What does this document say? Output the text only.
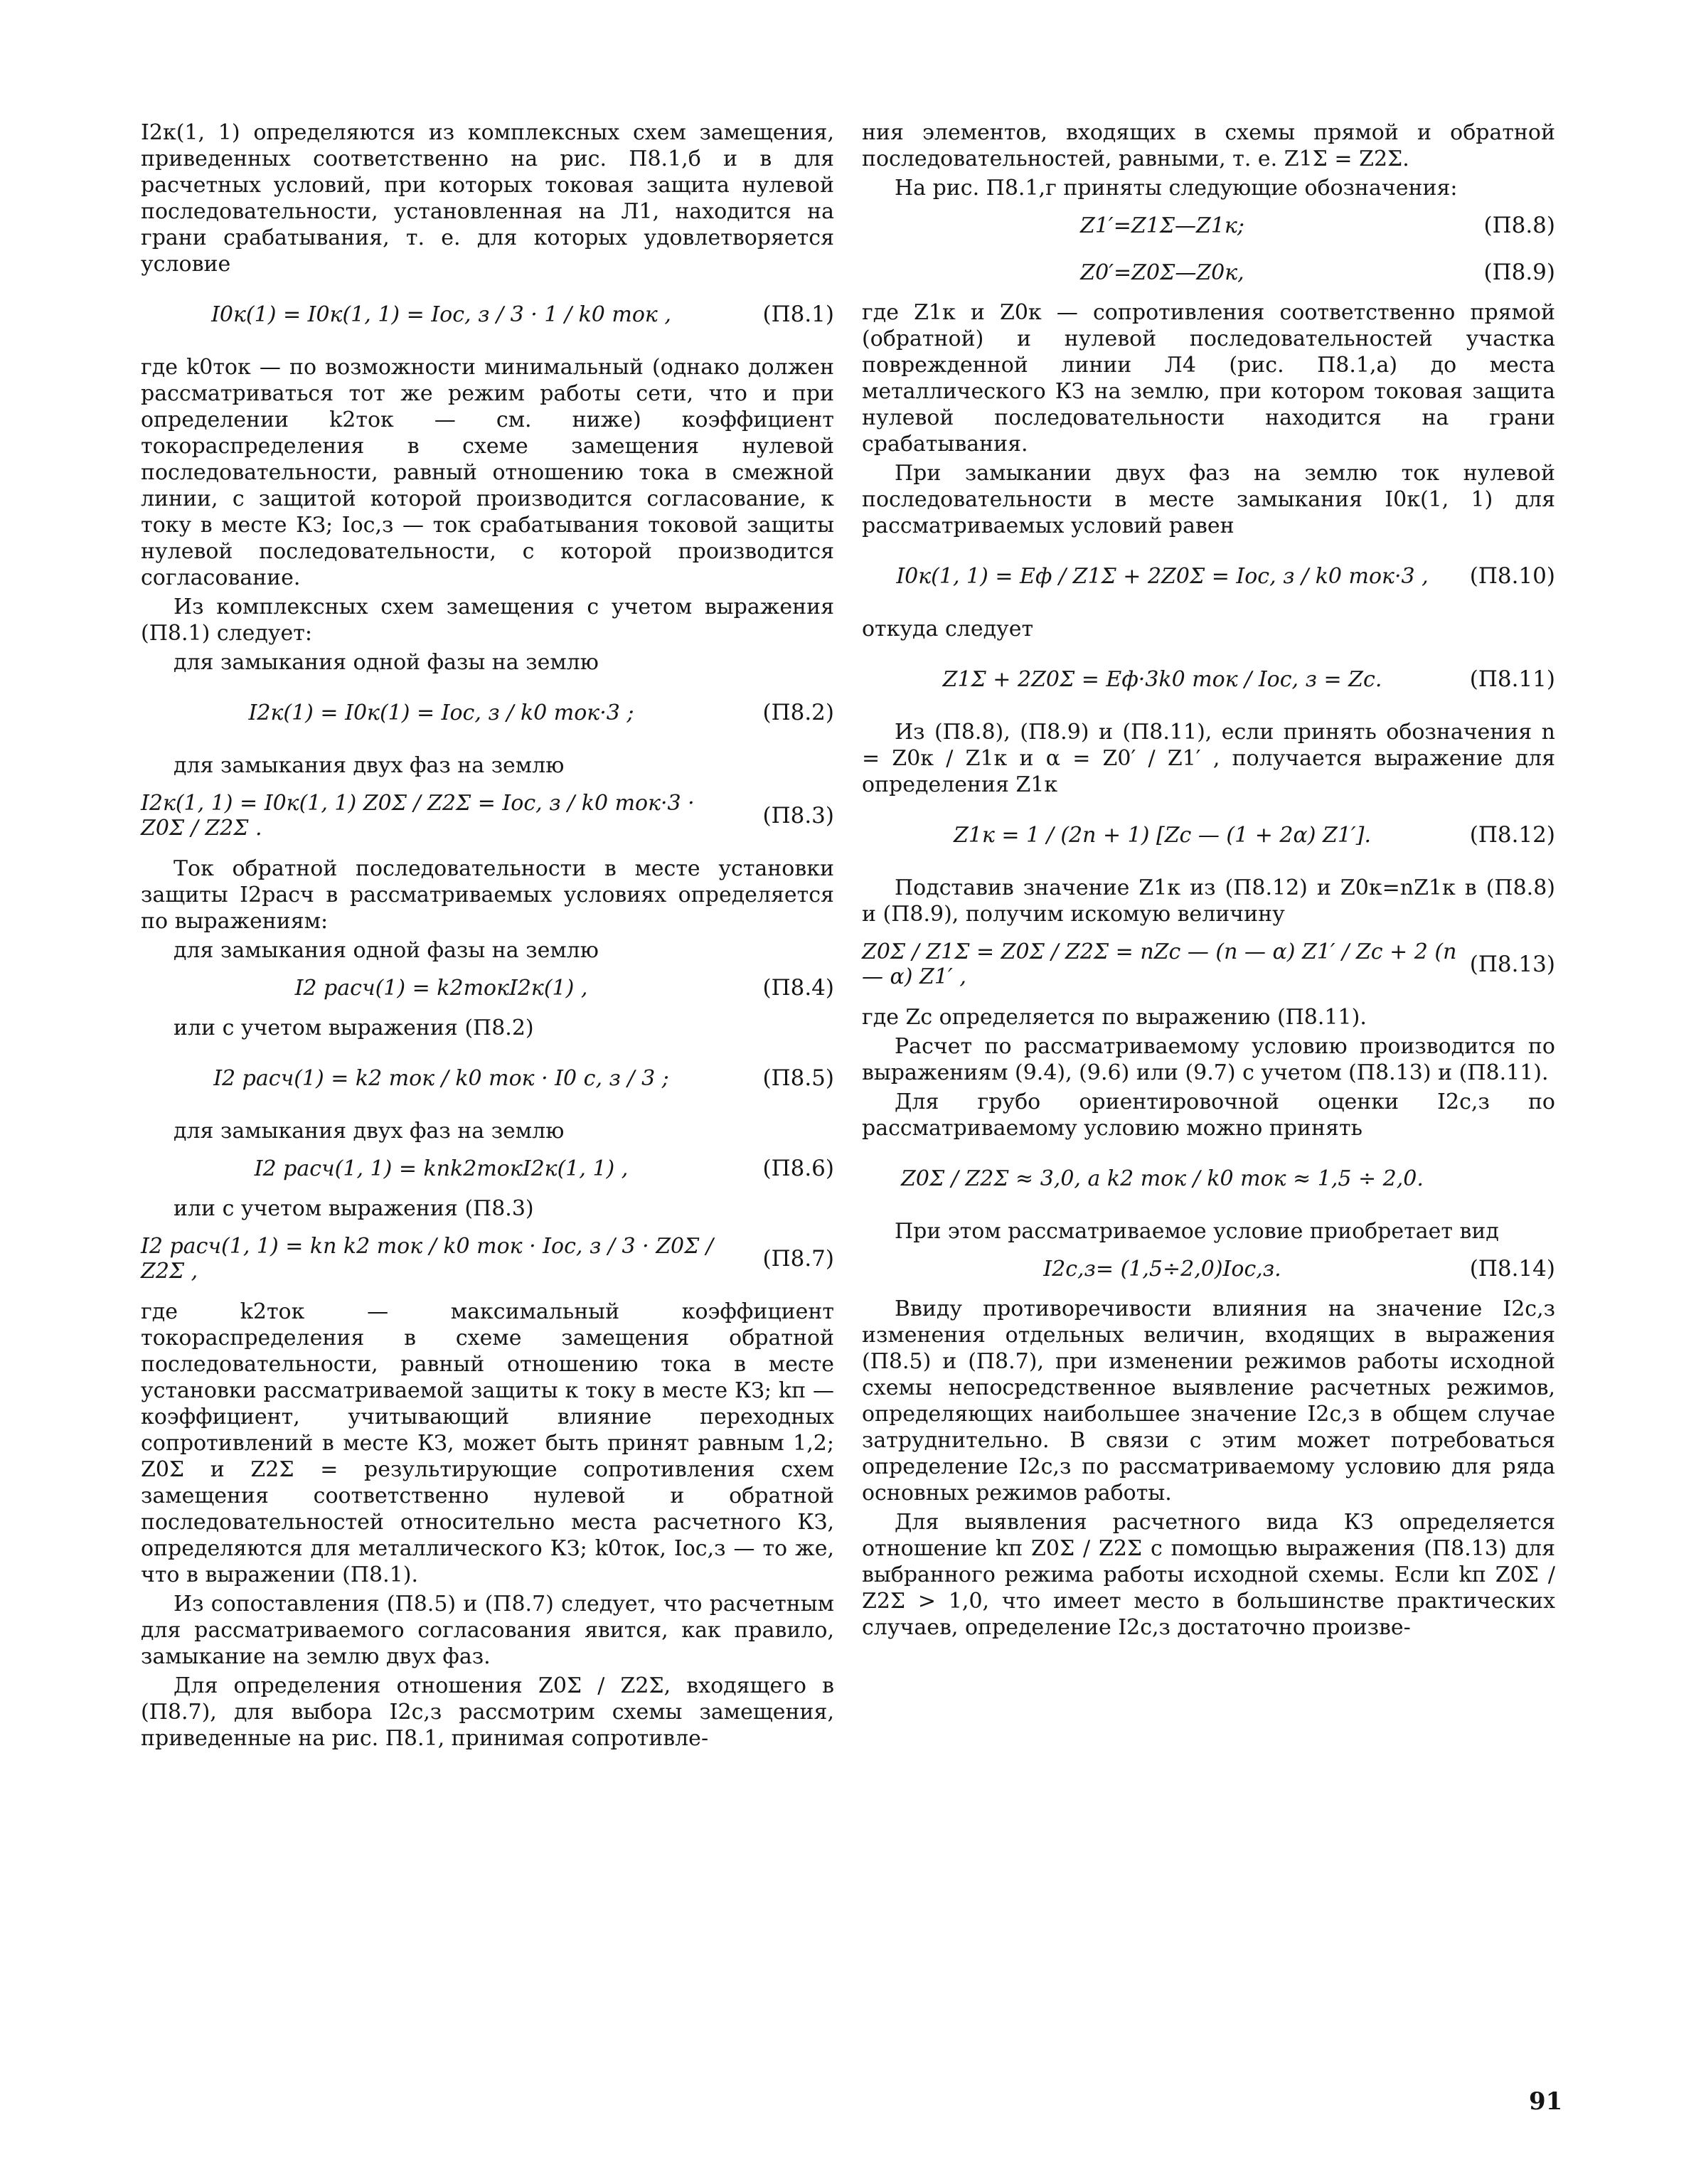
I2к(1, 1) определяются из комплексных схем замещения, приведенных соответственно на рис. П8.1,б и в для расчетных условий, при которых токовая защита нулевой последовательности, установленная на Л1, находится на грани срабатывания, т. е. для которых удовлетворяется условие

I0к(1) = I0к(1, 1) = Iос, з / 3 · 1 / k0 ток ,	(П8.1)

где k0ток — по возможности минимальный (однако должен рассматриваться тот же режим работы сети, что и при определении k2ток — см. ниже) коэффициент токораспределения в схеме замещения нулевой последовательности, равный отношению тока в смежной линии, с защитой которой производится согласование, к току в месте КЗ; Iос,з — ток срабатывания токовой защиты нулевой последовательности, с которой производится согласование.

Из комплексных схем замещения с учетом выражения (П8.1) следует:

для замыкания одной фазы на землю

I2к(1) = I0к(1) = Iос, з / k0 ток·3 ;	(П8.2)

для замыкания двух фаз на землю

I2к(1, 1) = I0к(1, 1) Z0Σ / Z2Σ = Iос, з / k0 ток·3 · Z0Σ / Z2Σ .	(П8.3)

Ток обратной последовательности в месте установки защиты I2расч в рассматриваемых условиях определяется по выражениям:

для замыкания одной фазы на землю

I2 расч(1) = k2токI2к(1) ,	(П8.4)

или с учетом выражения (П8.2)

I2 расч(1) = k2 ток / k0 ток · I0 с, з / 3 ;	(П8.5)

для замыкания двух фаз на землю

I2 расч(1, 1) = kпk2токI2к(1, 1) ,	(П8.6)

или с учетом выражения (П8.3)

I2 расч(1, 1) = kп k2 ток / k0 ток · Iос, з / 3 · Z0Σ / Z2Σ ,	(П8.7)

где k2ток — максимальный коэффициент токораспределения в схеме замещения обратной последовательности, равный отношению тока в месте установки рассматриваемой защиты к току в месте КЗ; kп — коэффициент, учитывающий влияние переходных сопротивлений в месте КЗ, может быть принят равным 1,2; Z0Σ и Z2Σ = результирующие сопротивления схем замещения соответственно нулевой и обратной последовательностей относительно места расчетного КЗ, определяются для металлического КЗ; k0ток, Iос,з — то же, что в выражении (П8.1).

Из сопоставления (П8.5) и (П8.7) следует, что расчетным для рассматриваемого согласования явится, как правило, замыкание на землю двух фаз.

Для определения отношения Z0Σ / Z2Σ, входящего в (П8.7), для выбора I2с,з рассмотрим схемы замещения, приведенные на рис. П8.1, принимая сопротивле-

ния элементов, входящих в схемы прямой и обратной последовательностей, равными, т. е. Z1Σ = Z2Σ.

На рис. П8.1,г приняты следующие обозначения:

Z1′=Z1Σ—Z1к;	(П8.8)
Z0′=Z0Σ—Z0к,	(П8.9)

где Z1к и Z0к — сопротивления соответственно прямой (обратной) и нулевой последовательностей участка поврежденной линии Л4 (рис. П8.1,а) до места металлического КЗ на землю, при котором токовая защита нулевой последовательности находится на грани срабатывания.

При замыкании двух фаз на землю ток нулевой последовательности в месте замыкания I0к(1, 1) для рассматриваемых условий равен

I0к(1, 1) = Eф / Z1Σ + 2Z0Σ = Iос, з / k0 ток·3 ,	(П8.10)

откуда следует

Z1Σ + 2Z0Σ = Eф·3k0 ток / Iос, з = Zс.	(П8.11)

Из (П8.8), (П8.9) и (П8.11), если принять обозначения n = Z0к / Z1к и α = Z0′ / Z1′ , получается выражение для определения Z1к

Z1к = 1 / (2n + 1) [Zс — (1 + 2α) Z1′].	(П8.12)

Подставив значение Z1к из (П8.12) и Z0к=nZ1к в (П8.8) и (П8.9), получим искомую величину

Z0Σ / Z1Σ = Z0Σ / Z2Σ = nZс — (n — α) Z1′ / Zс + 2 (n — α) Z1′ ,	(П8.13)

где Zс определяется по выражению (П8.11).

Расчет по рассматриваемому условию производится по выражениям (9.4), (9.6) или (9.7) с учетом (П8.13) и (П8.11).

Для грубо ориентировочной оценки I2с,з по рассматриваемому условию можно принять

Z0Σ / Z2Σ ≈ 3,0, а k2 ток / k0 ток ≈ 1,5 ÷ 2,0.

При этом рассматриваемое условие приобретает вид

I2с,з= (1,5÷2,0)Iос,з.	(П8.14)

Ввиду противоречивости влияния на значение I2с,з изменения отдельных величин, входящих в выражения (П8.5) и (П8.7), при изменении режимов работы исходной схемы непосредственное выявление расчетных режимов, определяющих наибольшее значение I2с,з в общем случае затруднительно. В связи с этим может потребоваться определение I2с,з по рассматриваемому условию для ряда основных режимов работы.

Для выявления расчетного вида КЗ определяется отношение kп Z0Σ / Z2Σ с помощью выражения (П8.13) для выбранного режима работы исходной схемы. Если kп Z0Σ / Z2Σ > 1,0, что имеет место в большинстве практических случаев, определение I2с,з достаточно произве-

91
